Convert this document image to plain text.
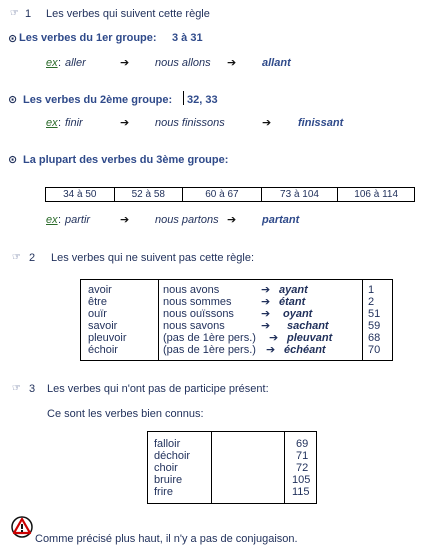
☞ 1 Les verbes qui suivent cette règle
⊙ Les verbes du 1er groupe: 3 à 31
ex : aller	➔ nous allons ➔ allant
⊙ Les verbes du 2ème groupe: 32, 33
ex : finir	➔ nous finissons	➔ finissant
⊙ La plupart des verbes du 3ème groupe:
34 à 50	52 à 58	60 à 67	73 à 104	106 à 114
ex : partir	➔ nous partons ➔ partant
☞ 2 Les verbes qui ne suivent pas cette règle:
avoir	nous avons	➔ ayant	1
être	nous sommes	➔ étant	2
ouïr	nous ouïssons ➔ oyant	51
savoir	nous savons	➔ sachant	59
pleuvoir	(pas de 1ère pers.) ➔ pleuvant	68
échoir	(pas de 1ère pers.) ➔ échéant	70
☞ 3 Les verbes qui n'ont pas de participe présent:
Ce sont les verbes bien connus:
falloir	69
déchoir	71
choir	72
bruire	105
frire	115
Comme précisé plus haut, il n'y a pas de conjugaison.
